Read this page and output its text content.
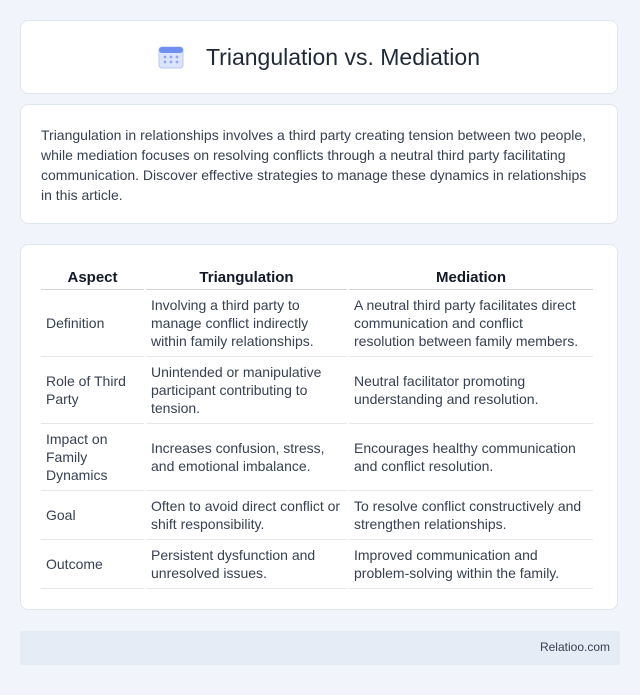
Triangulation vs. Mediation

Triangulation in relationships involves a third party creating tension between two people, while mediation focuses on resolving conflicts through a neutral third party facilitating communication. Discover effective strategies to manage these dynamics in relationships in this article.

Aspect	Triangulation	Mediation
Definition	Involving a third party to manage conflict indirectly within family relationships.	A neutral third party facilitates direct communication and conflict resolution between family members.
Role of Third Party	Unintended or manipulative participant contributing to tension.	Neutral facilitator promoting understanding and resolution.
Impact on Family Dynamics	Increases confusion, stress, and emotional imbalance.	Encourages healthy communication and conflict resolution.
Goal	Often to avoid direct conflict or shift responsibility.	To resolve conflict constructively and strengthen relationships.
Outcome	Persistent dysfunction and unresolved issues.	Improved communication and problem-solving within the family.
Relatioo.com
